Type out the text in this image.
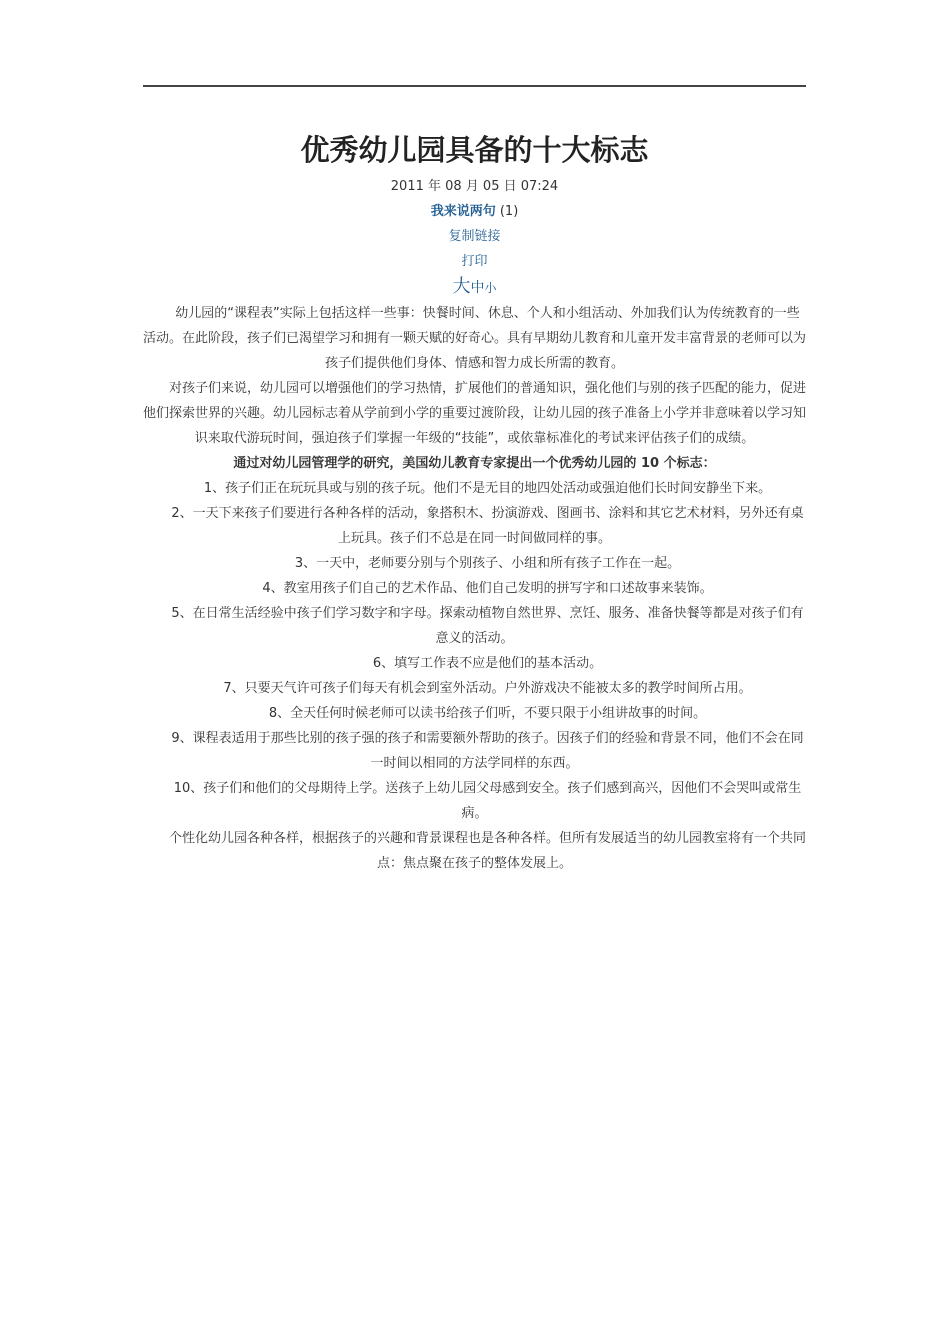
优秀幼儿园具备的十大标志
2011 年 08 月 05 日 07:24
我来说两句 (1)
复制链接
打印
大中小

幼儿园的“课程表”实际上包括这样一些事：快餐时间、休息、个人和小组活动、外加我们认为传统教育的一些活动。在此阶段，孩子们已渴望学习和拥有一颗天赋的好奇心。具有早期幼儿教育和儿童开发丰富背景的老师可以为孩子们提供他们身体、情感和智力成长所需的教育。

对孩子们来说，幼儿园可以增强他们的学习热情，扩展他们的普通知识，强化他们与别的孩子匹配的能力，促进他们探索世界的兴趣。幼儿园标志着从学前到小学的重要过渡阶段，让幼儿园的孩子准备上小学并非意味着以学习知识来取代游玩时间，强迫孩子们掌握一年级的“技能”，或依靠标准化的考试来评估孩子们的成绩。

通过对幼儿园管理学的研究，美国幼儿教育专家提出一个优秀幼儿园的 10 个标志：

1、孩子们正在玩玩具或与别的孩子玩。他们不是无目的地四处活动或强迫他们长时间安静坐下来。

2、一天下来孩子们要进行各种各样的活动，象搭积木、扮演游戏、图画书、涂料和其它艺术材料，另外还有桌上玩具。孩子们不总是在同一时间做同样的事。

3、一天中，老师要分别与个别孩子、小组和所有孩子工作在一起。

4、教室用孩子们自己的艺术作品、他们自己发明的拼写字和口述故事来装饰。

5、在日常生活经验中孩子们学习数字和字母。探索动植物自然世界、烹饪、服务、准备快餐等都是对孩子们有意义的活动。

6、填写工作表不应是他们的基本活动。

7、只要天气许可孩子们每天有机会到室外活动。户外游戏决不能被太多的教学时间所占用。

8、全天任何时候老师可以读书给孩子们听，不要只限于小组讲故事的时间。

9、课程表适用于那些比别的孩子强的孩子和需要额外帮助的孩子。因孩子们的经验和背景不同，他们不会在同一时间以相同的方法学同样的东西。

10、孩子们和他们的父母期待上学。送孩子上幼儿园父母感到安全。孩子们感到高兴，因他们不会哭叫或常生病。

个性化幼儿园各种各样，根据孩子的兴趣和背景课程也是各种各样。但所有发展适当的幼儿园教室将有一个共同点：焦点聚在孩子的整体发展上。
